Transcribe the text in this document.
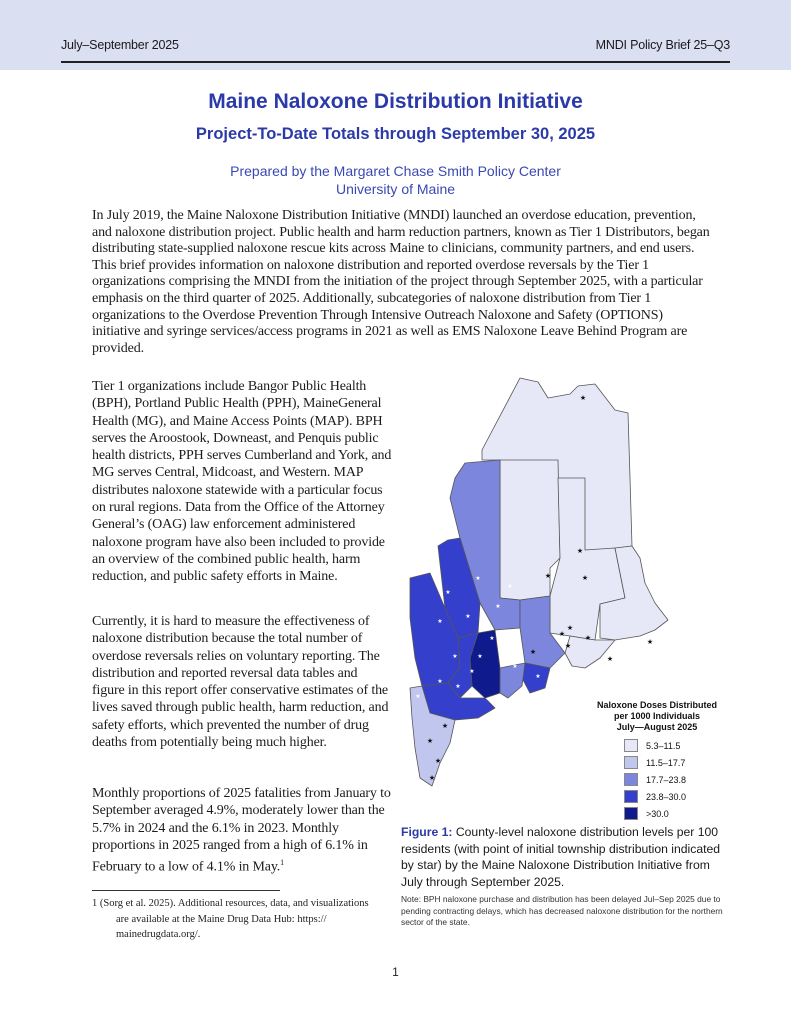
July–September 2025	MNDI Policy Brief 25–Q3
Maine Naloxone Distribution Initiative
Project-To-Date Totals through September 30, 2025
Prepared by the Margaret Chase Smith Policy Center
University of Maine
In July 2019, the Maine Naloxone Distribution Initiative (MNDI) launched an overdose education, prevention, and naloxone distribution project. Public health and harm reduction partners, known as Tier 1 Distributors, began distributing state-supplied naloxone rescue kits across Maine to clinicians, community partners, and end users. This brief provides information on naloxone distribution and reported overdose reversals by the Tier 1 organizations comprising the MNDI from the initiation of the project through September 2025, with a particular emphasis on the third quarter of 2025. Additionally, subcategories of naloxone distribution from Tier 1 organizations to the Overdose Prevention Through Intensive Outreach Naloxone and Safety (OPTIONS) initiative and syringe services/access programs in 2021 as well as EMS Naloxone Leave Behind Program are provided.
Tier 1 organizations include Bangor Public Health (BPH), Portland Public Health (PPH), MaineGeneral Health (MG), and Maine Access Points (MAP). BPH serves the Aroostook, Downeast, and Penquis public health districts, PPH serves Cumberland and York, and MG serves Central, Midcoast, and Western. MAP distributes naloxone statewide with a particular focus on rural regions. Data from the Office of the Attorney General’s (OAG) law enforcement administered naloxone program have also been included to provide an overview of the combined public health, harm reduction, and public safety efforts in Maine.
Currently, it is hard to measure the effectiveness of naloxone distribution because the total number of overdose reversals relies on voluntary reporting. The distribution and reported reversal data tables and figure in this report offer conservative estimates of the lives saved through public health, harm reduction, and safety efforts, which prevented the number of drug deaths from potentially being much higher.
Monthly proportions of 2025 fatalities from January to September averaged 4.9%, moderately lower than the 5.7% in 2024 and the 6.1% in 2023. Monthly proportions in 2025 ranged from a high of 6.1% in February to a low of 4.1% in May.$^1$
1 (Sorg et al. 2025). Additional resources, data, and visualizations
are available at the Maine Drug Data Hub: https://
mainedrugdata.org/.
★
★
★	★
★
★
★
★
★
★
★
★
★
★
★
★
★
★
★
★
★
★
★	★
★
★
★
★
★
★
Naloxone Doses Distributed
per 1000 Individuals
July—August 2025
5.3–11.5
11.5–17.7
17.7–23.8
23.8–30.0
>30.0
Figure 1: County-level naloxone distribution levels per 100 residents (with point of initial township distribution indicated by star) by the Maine Naloxone Distribution Initiative from July through September 2025.
Note: BPH naloxone purchase and distribution has been delayed Jul–Sep 2025 due to pending contracting delays, which has decreased naloxone distribution for the northern sector of the state.
1
